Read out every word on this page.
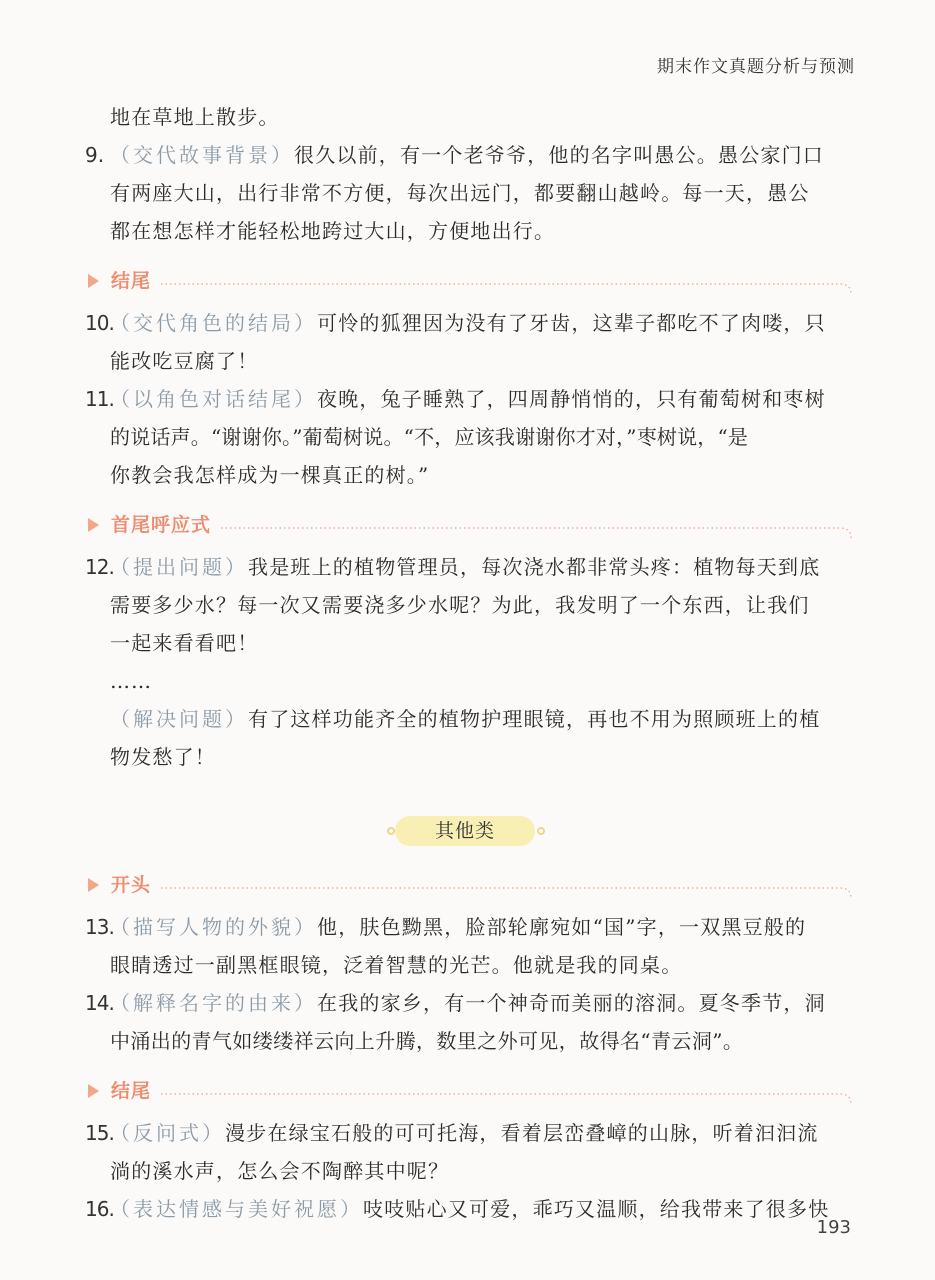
期末作文真题分析与预测
地在草地上散步。
9. （交代故事背景）很久以前，有一个老爷爷，他的名字叫愚公。愚公家门口
有两座大山，出行非常不方便，每次出远门，都要翻山越岭。每一天，愚公
都在想怎样才能轻松地跨过大山，方便地出行。
结尾
10.（交代角色的结局）可怜的狐狸因为没有了牙齿，这辈子都吃不了肉喽，只
能改吃豆腐了！
11.（以角色对话结尾）夜晚，兔子睡熟了，四周静悄悄的，只有葡萄树和枣树
的说话声。“谢谢你。”葡萄树说。“不，应该我谢谢你才对，”枣树说，“是
你教会我怎样成为一棵真正的树。”
首尾呼应式
12.（提出问题）我是班上的植物管理员，每次浇水都非常头疼：植物每天到底
需要多少水？每一次又需要浇多少水呢？为此，我发明了一个东西，让我们
一起来看看吧！
……
（解决问题）有了这样功能齐全的植物护理眼镜，再也不用为照顾班上的植
物发愁了！
其他类
开头
13.（描写人物的外貌）他，肤色黝黑，脸部轮廓宛如“国”字，一双黑豆般的
眼睛透过一副黑框眼镜，泛着智慧的光芒。他就是我的同桌。
14.（解释名字的由来）在我的家乡，有一个神奇而美丽的溶洞。夏冬季节，洞
中涌出的青气如缕缕祥云向上升腾，数里之外可见，故得名“青云洞”。
结尾
15.（反问式）漫步在绿宝石般的可可托海，看着层峦叠嶂的山脉，听着汩汩流
淌的溪水声，怎么会不陶醉其中呢？
16.（表达情感与美好祝愿）吱吱贴心又可爱，乖巧又温顺，给我带来了很多快
193
